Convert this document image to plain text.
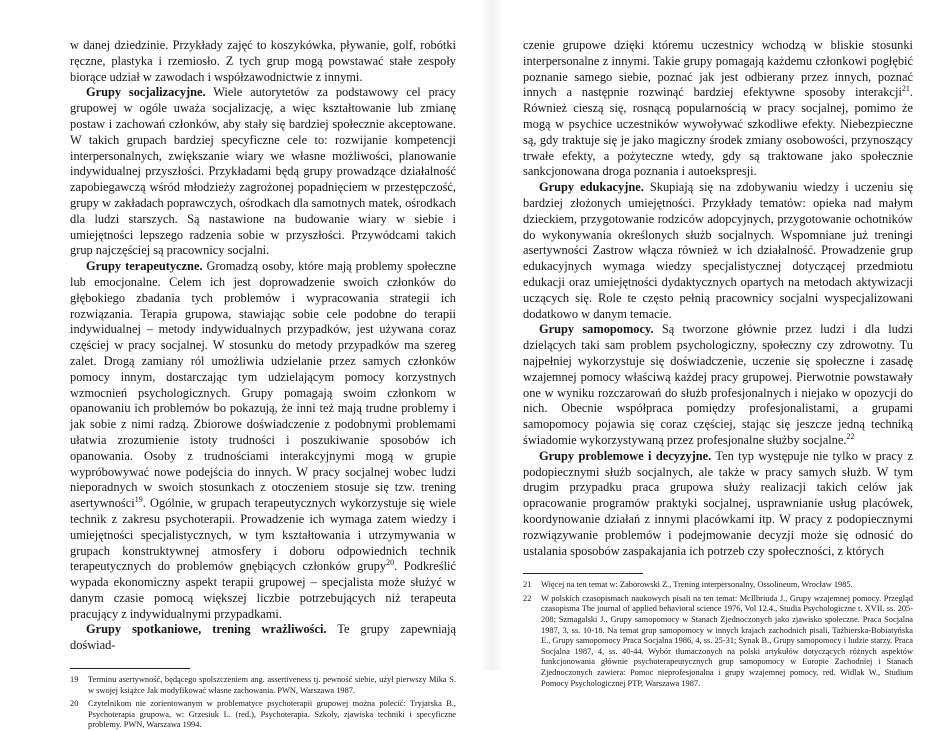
w danej dziedzinie. Przykłady zajęć to koszykówka, pływanie, golf, robótki ręczne, plastyka i rzemiosło. Z tych grup mogą powstawać stałe zespoły biorące udział w zawodach i współzawodnictwie z innymi.

Grupy socjalizacyjne. Wiele autorytetów za podstawowy cel pracy grupowej w ogóle uważa socjalizację, a więc kształtowanie lub zmianę postaw i zachowań członków, aby stały się bardziej społecznie akceptowane. W takich grupach bardziej specyficzne cele to: rozwijanie kompetencji interpersonalnych, zwiększanie wiary we własne możliwości, planowanie indywidualnej przyszłości. Przykładami będą grupy prowadzące działalność zapobiegawczą wśród młodzieży zagrożonej popadnięciem w przestępczość, grupy w zakładach poprawczych, ośrodkach dla samotnych matek, ośrodkach dla ludzi starszych. Są nastawione na budowanie wiary w siebie i umiejętności lepszego radzenia sobie w przyszłości. Przywódcami takich grup najczęściej są pracownicy socjalni.

Grupy terapeutyczne. Gromadzą osoby, które mają problemy społeczne lub emocjonalne. Celem ich jest doprowadzenie swoich członków do głębokiego zbadania tych problemów i wypracowania strategii ich rozwiązania. Terapia grupowa, stawiając sobie cele podobne do terapii indywidualnej – metody indywidualnych przypadków, jest używana coraz częściej w pracy socjalnej. W stosunku do metody przypadków ma szereg zalet. Drogą zamiany ról umożliwia udzielanie przez samych członków pomocy innym, dostarczając tym udzielającym pomocy korzystnych wzmocnień psychologicznych. Grupy pomagają swoim członkom w opanowaniu ich problemów bo pokazują, że inni też mają trudne problemy i jak sobie z nimi radzą. Zbiorowe doświadczenie z podobnymi problemami ułatwia zrozumienie istoty trudności i poszukiwanie sposobów ich opanowania. Osoby z trudnościami interakcyjnymi mogą w grupie wypróbowywać nowe podejścia do innych. W pracy socjalnej wobec ludzi nieporadnych w swoich stosunkach z otoczeniem stosuje się tzw. trening asertywności$^{19}$. Ogólnie, w grupach terapeutycznych wykorzystuje się wiele technik z zakresu psychoterapii. Prowadzenie ich wymaga zatem wiedzy i umiejętności specjalistycznych, w tym kształtowania i utrzymywania w grupach konstruktywnej atmosfery i doboru odpowiednich technik terapeutycznych do problemów gnębiących członków grupy$^{20}$. Podkreślić wypada ekonomiczny aspekt terapii grupowej – specjalista może służyć w danym czasie pomocą większej liczbie potrzebujących niż terapeuta pracujący z indywidualnymi przypadkami.

Grupy spotkaniowe, trening wrażliwości. Te grupy zapewniają doświad-

19	Terminu asertywność, będącego spolszczeniem ang. assertiveness tj. pewność siebie, użył pierwszy Mika S. w swojej książce Jak modyfikować własne zachowania. PWN, Warszawa 1987.
20	Czytelnikom nie zorientowanym w problematyce psychoterapii grupowej można polecić: Tryjarska B., Psychoterapia grupowa, w: Grzesiuk L. (red.), Psychoterapia. Szkoły, zjawiska techniki i specyficzne problemy. PWN, Warszawa 1994.

czenie grupowe dzięki któremu uczestnicy wchodzą w bliskie stosunki interpersonalne z innymi. Takie grupy pomagają każdemu członkowi pogłębić poznanie samego siebie, poznać jak jest odbierany przez innych, poznać innych a następnie rozwinąć bardziej efektywne sposoby interakcji$^{21}$. Również cieszą się, rosnącą popularnością w pracy socjalnej, pomimo że mogą w psychice uczestników wywoływać szkodliwe efekty. Niebezpieczne są, gdy traktuje się je jako magiczny środek zmiany osobowości, przynoszący trwałe efekty, a pożyteczne wtedy, gdy są traktowane jako społecznie sankcjonowana droga poznania i autoekspresji.

Grupy edukacyjne. Skupiają się na zdobywaniu wiedzy i uczeniu się bardziej złożonych umiejętności. Przykłady tematów: opieka nad małym dzieckiem, przygotowanie rodziców adopcyjnych, przygotowanie ochotników do wykonywania określonych służb socjalnych. Wspomniane już treningi asertywności Zastrow włącza również w ich działalność. Prowadzenie grup edukacyjnych wymaga wiedzy specjalistycznej dotyczącej przedmiotu edukacji oraz umiejętności dydaktycznych opartych na metodach aktywizacji uczących się. Role te często pełnią pracownicy socjalni wyspecjalizowani dodatkowo w danym temacie.

Grupy samopomocy. Są tworzone głównie przez ludzi i dla ludzi dzielących taki sam problem psychologiczny, społeczny czy zdrowotny. Tu najpełniej wykorzystuje się doświadczenie, uczenie się społeczne i zasadę wzajemnej pomocy właściwą każdej pracy grupowej. Pierwotnie powstawały one w wyniku rozczarowań do służb profesjonalnych i niejako w opozycji do nich. Obecnie współpraca pomiędzy profesjonalistami, a grupami samopomocy pojawia się coraz częściej, stając się jeszcze jedną techniką świadomie wykorzystywaną przez profesjonalne służby socjalne.$^{22}$

Grupy problemowe i decyzyjne. Ten typ występuje nie tylko w pracy z podopiecznymi służb socjalnych, ale także w pracy samych służb. W tym drugim przypadku praca grupowa służy realizacji takich celów jak opracowanie programów praktyki socjalnej, usprawnianie usług placówek, koordynowanie działań z innymi placówkami itp. W pracy z podopiecznymi rozwiązywanie problemów i podejmowanie decyzji może się odnosić do ustalania sposobów zaspakajania ich potrzeb czy społeczności, z których

21	Więcej na ten temat w: Zaborowski Z., Trening interpersonalny, Ossolineum, Wrocław 1985.
22	W polskich czasopismach naukowych pisali na ten temat: McIlbriuda J., Grupy wzajemnej pomocy. Przegląd czasopisma The journal of applied behavioral science 1976, Vol 12.4., Studia Psychologiczne t. XVII. ss. 205-208; Szmagalski J., Grupy samopomocy w Stanach Zjednoczonych jako zjawisko społeczne. Praca Socjalna 1987, 3, ss. 10-18. Na temat grup samopomocy w innych krajach zachodnich pisali, Taźbierska-Bobiatyńska E., Grupy samopomocy Praca Socjalna 1986, 4, ss. 25-31; Synak B., Grupy samopomocy i ludzie starzy. Praca Socjalna 1987, 4, ss. 40-44. Wybór tłumaczonych na polski artykułów dotyczących różnych aspektów funkcjonowania głównie psychoterapeutycznych grup samopomocy w Europie Zachodniej i Stanach Zjednoczonych zawiera: Pomoc nieprofesjonalna i grupy wzajemnej pomocy, red. Widlak W., Studium Pomocy Psychologicznej PTP, Warszawa 1987.
